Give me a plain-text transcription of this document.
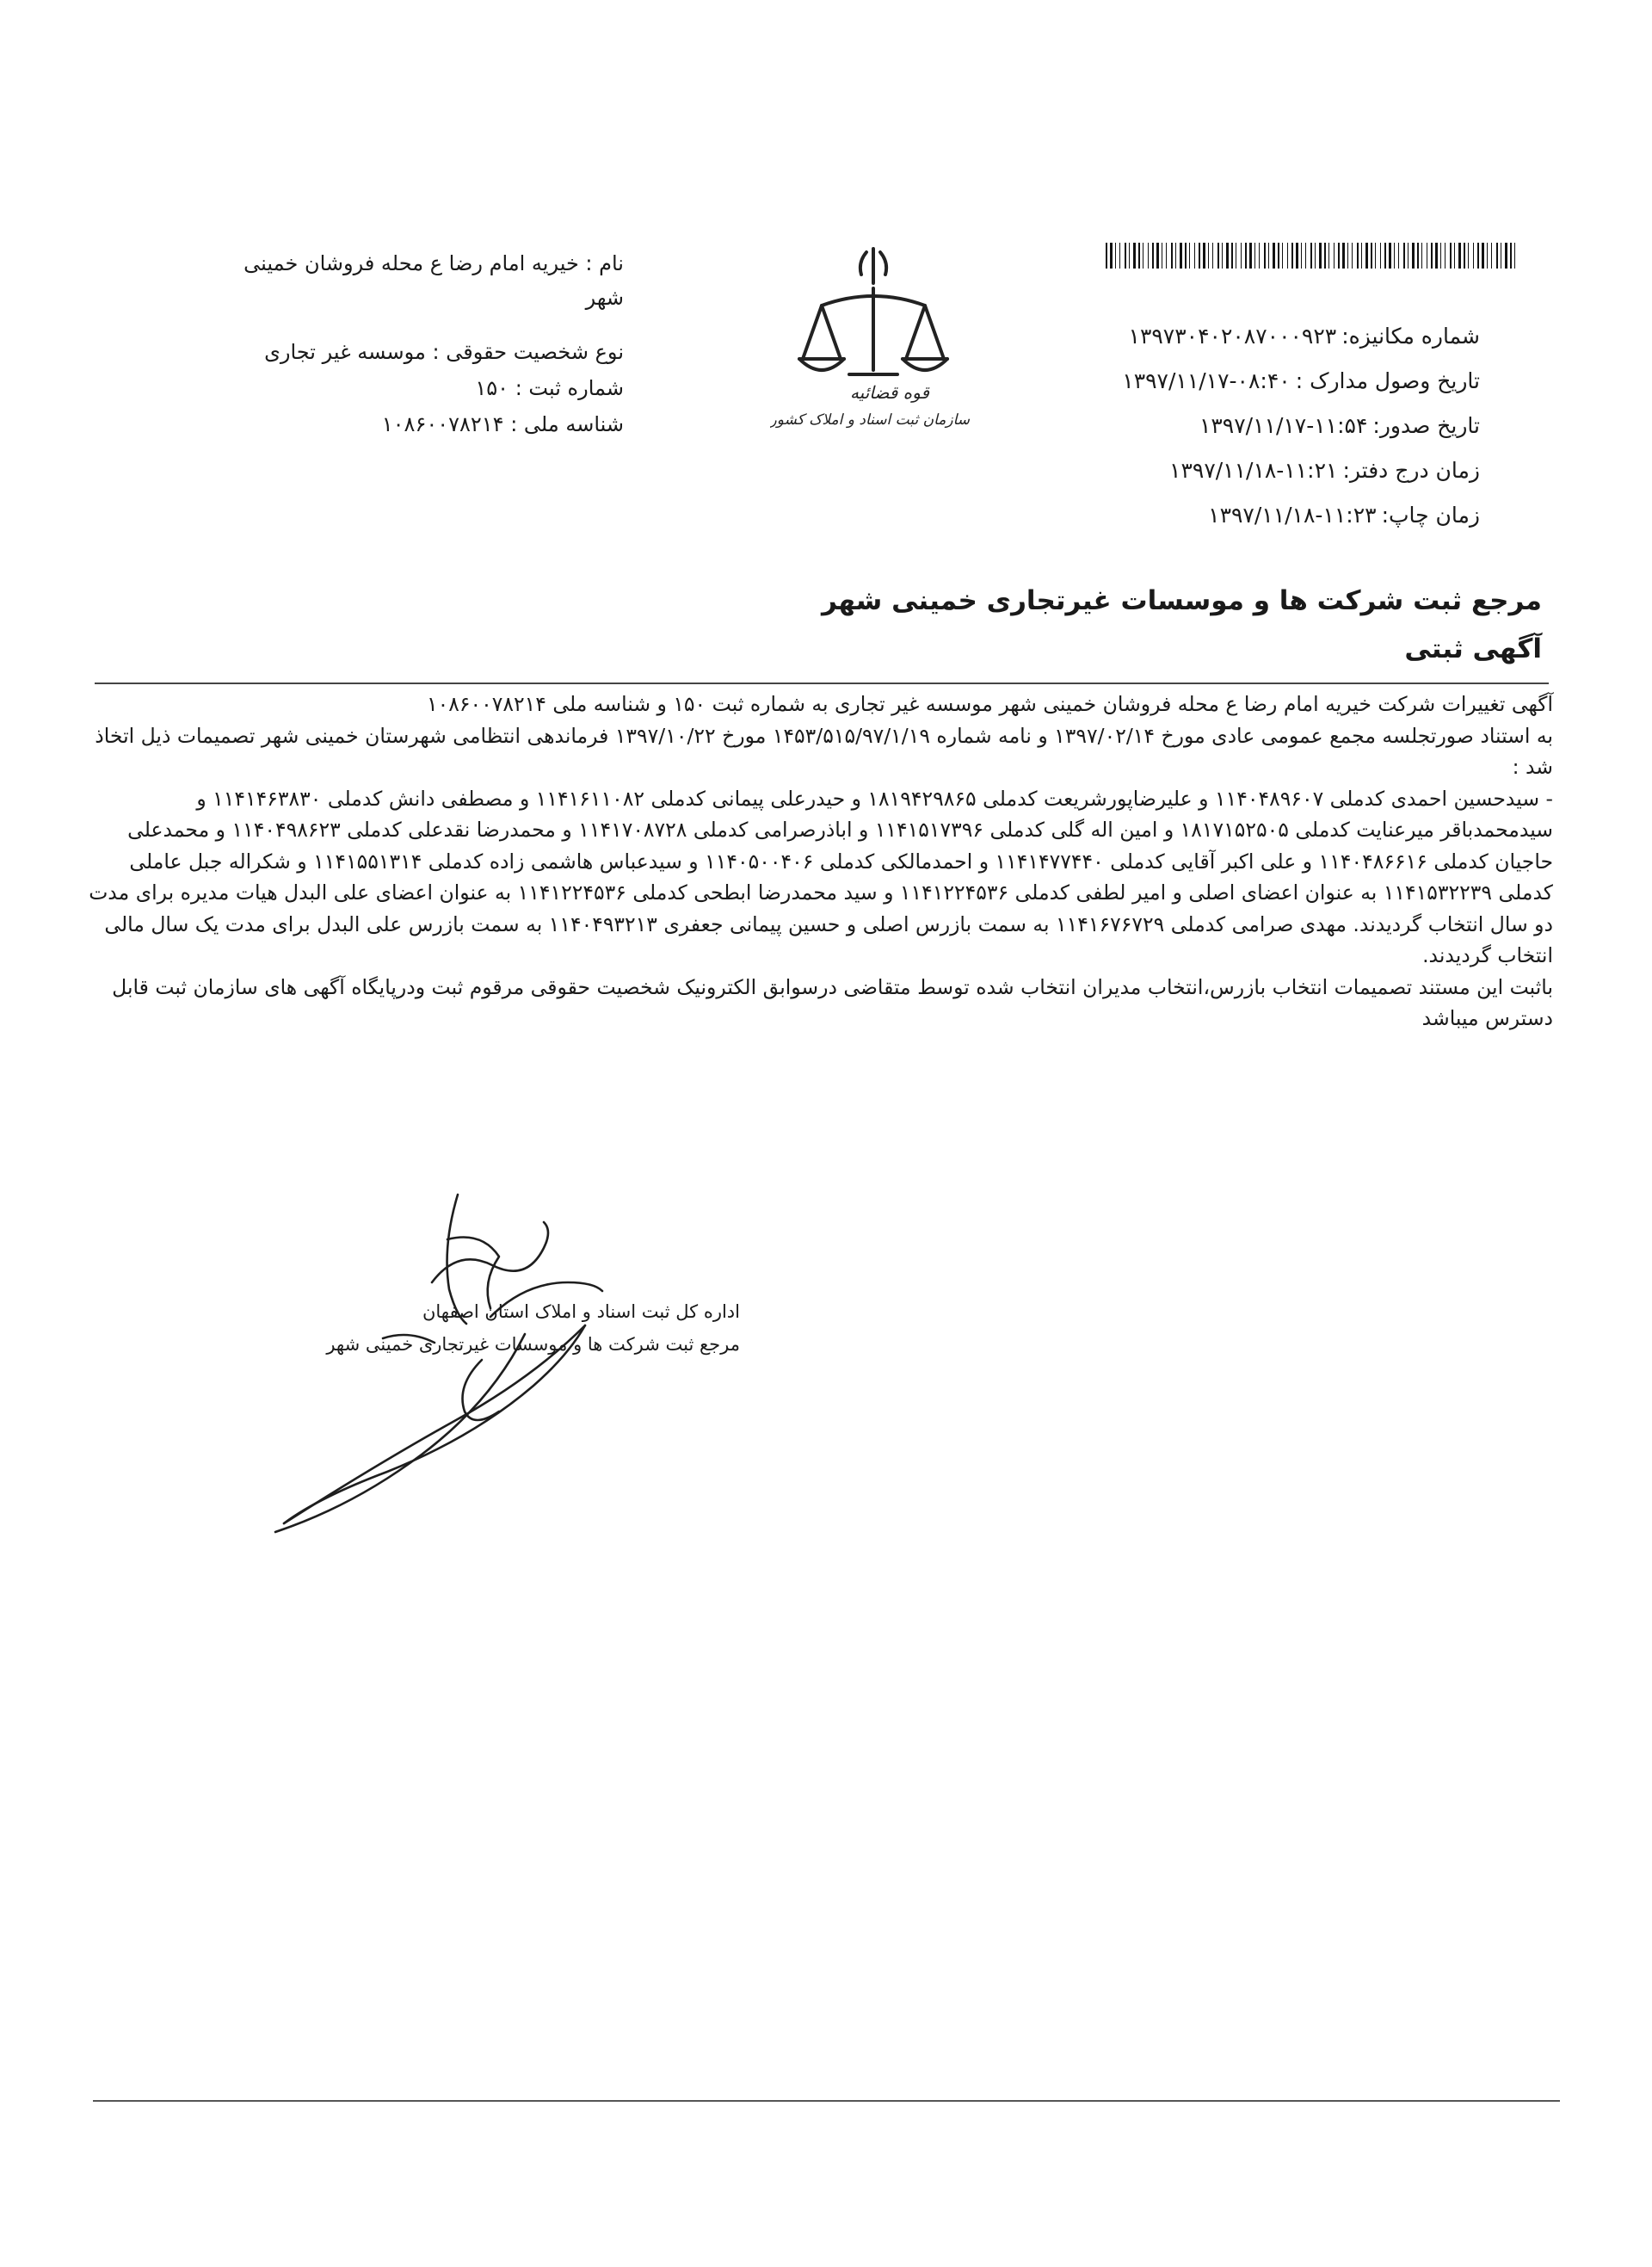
شماره مکانیزه:۱۳۹۷۳۰۴۰۲۰۸۷۰۰۰۹۲۳
تاریخ وصول مدارک :۱۳۹۷/۱۱/۱۷-۰۸:۴۰
تاریخ صدور:۱۳۹۷/۱۱/۱۷-۱۱:۵۴
زمان درج دفتر:۱۳۹۷/۱۱/۱۸-۱۱:۲۱
زمان چاپ:۱۳۹۷/۱۱/۱۸-۱۱:۲۳
قوه قضائیه
سازمان ثبت اسناد و املاک کشور
نام : خیریه امام رضا ع محله فروشان خمینی شهر
نوع شخصیت حقوقی : موسسه غیر تجاری
شماره ثبت : ۱۵۰
شناسه ملی : ۱۰۸۶۰۰۷۸۲۱۴
مرجع ثبت شرکت ها و موسسات غیرتجاری خمینی شهر
آگهی ثبتی

آگهی تغییرات شرکت خیریه امام رضا ع محله فروشان خمینی شهر موسسه غیر تجاری به شماره ثبت ۱۵۰ و شناسه ملی ۱۰۸۶۰۰۷۸۲۱۴

به استناد صورتجلسه مجمع عمومی عادی مورخ ۱۳۹۷/۰۲/۱۴ و نامه شماره ۱۴۵۳/۵۱۵/۹۷/۱/۱۹ مورخ ۱۳۹۷/۱۰/۲۲ فرماندهی انتظامی شهرستان خمینی شهر تصمیمات ذیل اتخاذ شد :

- سیدحسین احمدی کدملی ۱۱۴۰۴۸۹۶۰۷ و علیرضاپورشریعت کدملی ۱۸۱۹۴۲۹۸۶۵ و حیدرعلی پیمانی کدملی ۱۱۴۱۶۱۱۰۸۲ و مصطفی دانش کدملی ۱۱۴۱۴۶۳۸۳۰ و سیدمحمدباقر میرعنایت کدملی ۱۸۱۷۱۵۲۵۰۵ و امین اله گلی کدملی ۱۱۴۱۵۱۷۳۹۶ و اباذرصرامی کدملی ۱۱۴۱۷۰۸۷۲۸ و محمدرضا نقدعلی کدملی ۱۱۴۰۴۹۸۶۲۳ و محمدعلی حاجیان کدملی ۱۱۴۰۴۸۶۶۱۶ و علی اکبر آقایی کدملی ۱۱۴۱۴۷۷۴۴۰ و احمدمالکی کدملی ۱۱۴۰۵۰۰۴۰۶ و سیدعباس هاشمی زاده کدملی ۱۱۴۱۵۵۱۳۱۴ و شکراله جبل عاملی کدملی ۱۱۴۱۵۳۲۲۳۹ به عنوان اعضای اصلی و امیر لطفی کدملی ۱۱۴۱۲۲۴۵۳۶ و سید محمدرضا ابطحی کدملی ۱۱۴۱۲۲۴۵۳۶ به عنوان اعضای علی البدل هیات مدیره برای مدت دو سال انتخاب گردیدند. مهدی صرامی کدملی ۱۱۴۱۶۷۶۷۲۹ به سمت بازرس اصلی و حسین پیمانی جعفری ۱۱۴۰۴۹۳۲۱۳ به سمت بازرس علی البدل برای مدت یک سال مالی انتخاب گردیدند.

باثبت این مستند تصمیمات انتخاب بازرس،انتخاب مدیران انتخاب شده توسط متقاضی درسوابق الکترونیک شخصیت حقوقی مرقوم ثبت ودرپایگاه آگهی های سازمان ثبت قابل دسترس میباشد

اداره کل ثبت اسناد و املاک استان اصفهان
مرجع ثبت شرکت ها و موسسات غیرتجاری خمینی شهر
